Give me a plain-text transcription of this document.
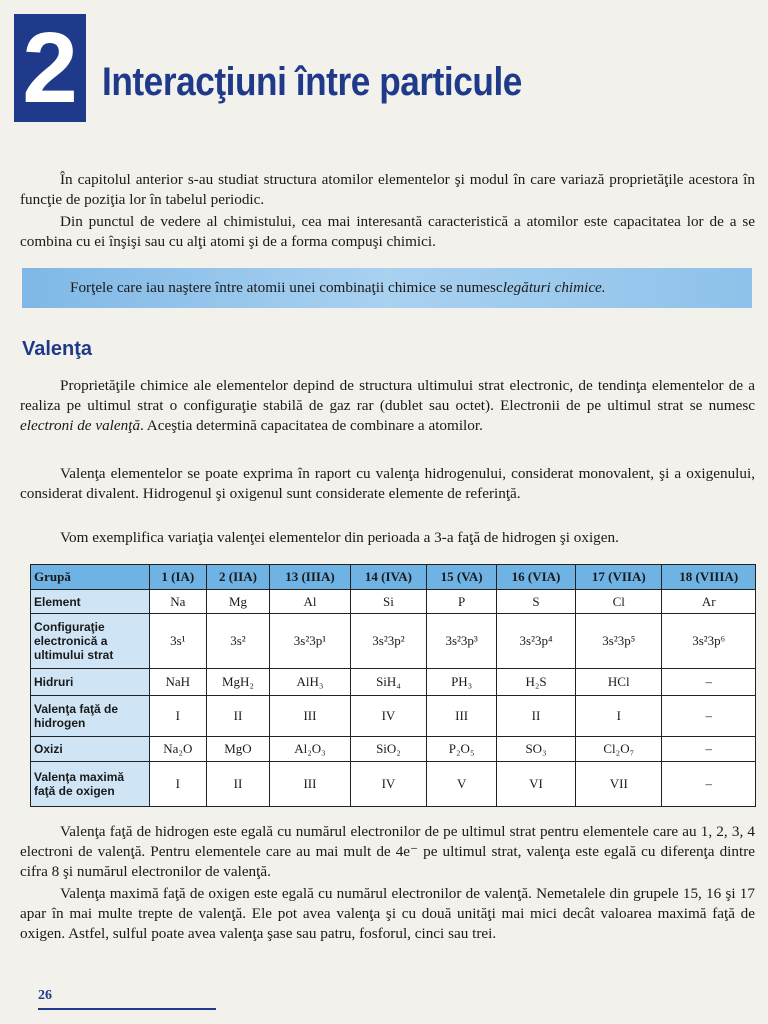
2 Interacţiuni între particule

În capitolul anterior s-au studiat structura atomilor elementelor şi modul în care variază proprietăţile acestora în funcţie de poziţia lor în tabelul periodic.

Din punctul de vedere al chimistului, cea mai interesantă caracteristică a atomilor este capacitatea lor de a se combina cu ei înşişi sau cu alţi atomi şi de a forma compuşi chimici.

Forţele care iau naştere între atomii unei combinaţii chimice se numesc legături chimice.
Valenţa

Proprietăţile chimice ale elementelor depind de structura ultimului strat electronic, de tendinţa elementelor de a realiza pe ultimul strat o configuraţie stabilă de gaz rar (dublet sau octet). Electronii de pe ultimul strat se numesc electroni de valenţă. Aceştia determină capacitatea de combinare a atomilor.

Valenţa elementelor se poate exprima în raport cu valenţa hidrogenului, considerat monovalent, şi a oxigenului, considerat divalent. Hidrogenul şi oxigenul sunt considerate elemente de referinţă.

Vom exemplifica variaţia valenţei elementelor din perioada a 3-a faţă de hidrogen şi oxigen.

Grupă	1 (IA)	2 (IIA)	13 (IIIA)	14 (IVA)	15 (VA)	16 (VIA)	17 (VIIA)	18 (VIIIA)
Element	Na	Mg	Al	Si	P	S	Cl	Ar
Configuraţie electronică a ultimului strat	3s¹	3s²	3s²3p¹	3s²3p²	3s²3p³	3s²3p⁴	3s²3p⁵	3s²3p⁶
Hidruri	NaH	MgH₂	AlH₃	SiH₄	PH₃	H₂S	HCl	–
Valenţa faţă de hidrogen	I	II	III	IV	III	II	I	–
Oxizi	Na₂O	MgO	Al₂O₃	SiO₂	P₂O₅	SO₃	Cl₂O₇	–
Valenţa maximă faţă de oxigen	I	II	III	IV	V	VI	VII	–

Valenţa faţă de hidrogen este egală cu numărul electronilor de pe ultimul strat pentru elementele care au 1, 2, 3, 4 electroni de valenţă. Pentru elementele care au mai mult de 4e⁻ pe ultimul strat, valenţa este egală cu diferenţa dintre cifra 8 şi numărul electronilor de valenţă.

Valenţa maximă faţă de oxigen este egală cu numărul electronilor de valenţă. Nemetalele din grupele 15, 16 şi 17 apar în mai multe trepte de valenţă. Ele pot avea valenţa şi cu două unităţi mai mici decât valoarea maximă faţă de oxigen. Astfel, sulful poate avea valenţa şase sau patru, fosforul, cinci sau trei.

26
